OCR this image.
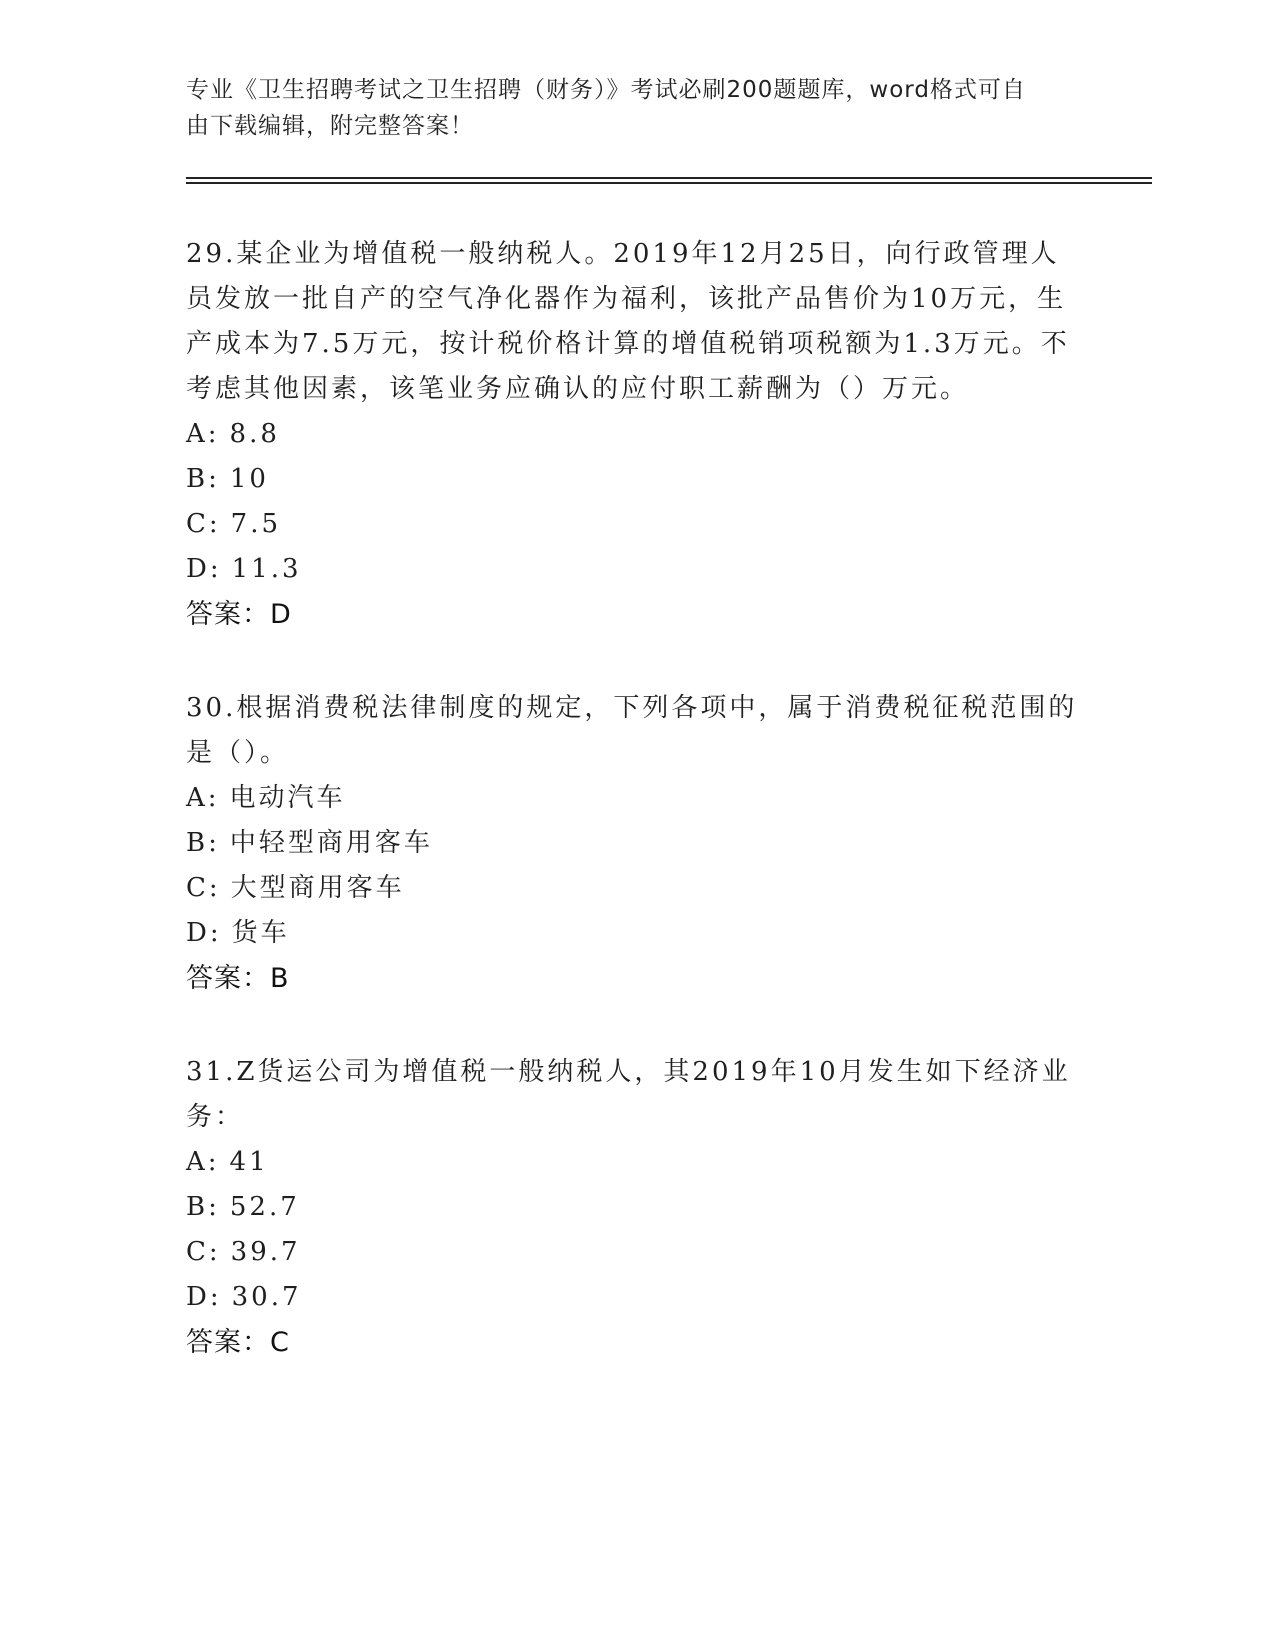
专业《卫生招聘考试之卫生招聘（财务）》考试必刷200题题库，word格式可自
由下载编辑，附完整答案！

29.某企业为增值税一般纳税人。2019年12月25日，向行政管理人员发放一批自产的空气净化器作为福利，该批产品售价为10万元，生产成本为7.5万元，按计税价格计算的增值税销项税额为1.3万元。不考虑其他因素，该笔业务应确认的应付职工薪酬为（）万元。

A: 8.8
B: 10
C: 7.5
D: 11.3
答案：D

30.根据消费税法律制度的规定，下列各项中，属于消费税征税范围的是（）。

A: 电动汽车
B: 中轻型商用客车
C: 大型商用客车
D: 货车
答案：B

31.Z货运公司为增值税一般纳税人，其2019年10月发生如下经济业务：

A: 41
B: 52.7
C: 39.7
D: 30.7
答案：C
